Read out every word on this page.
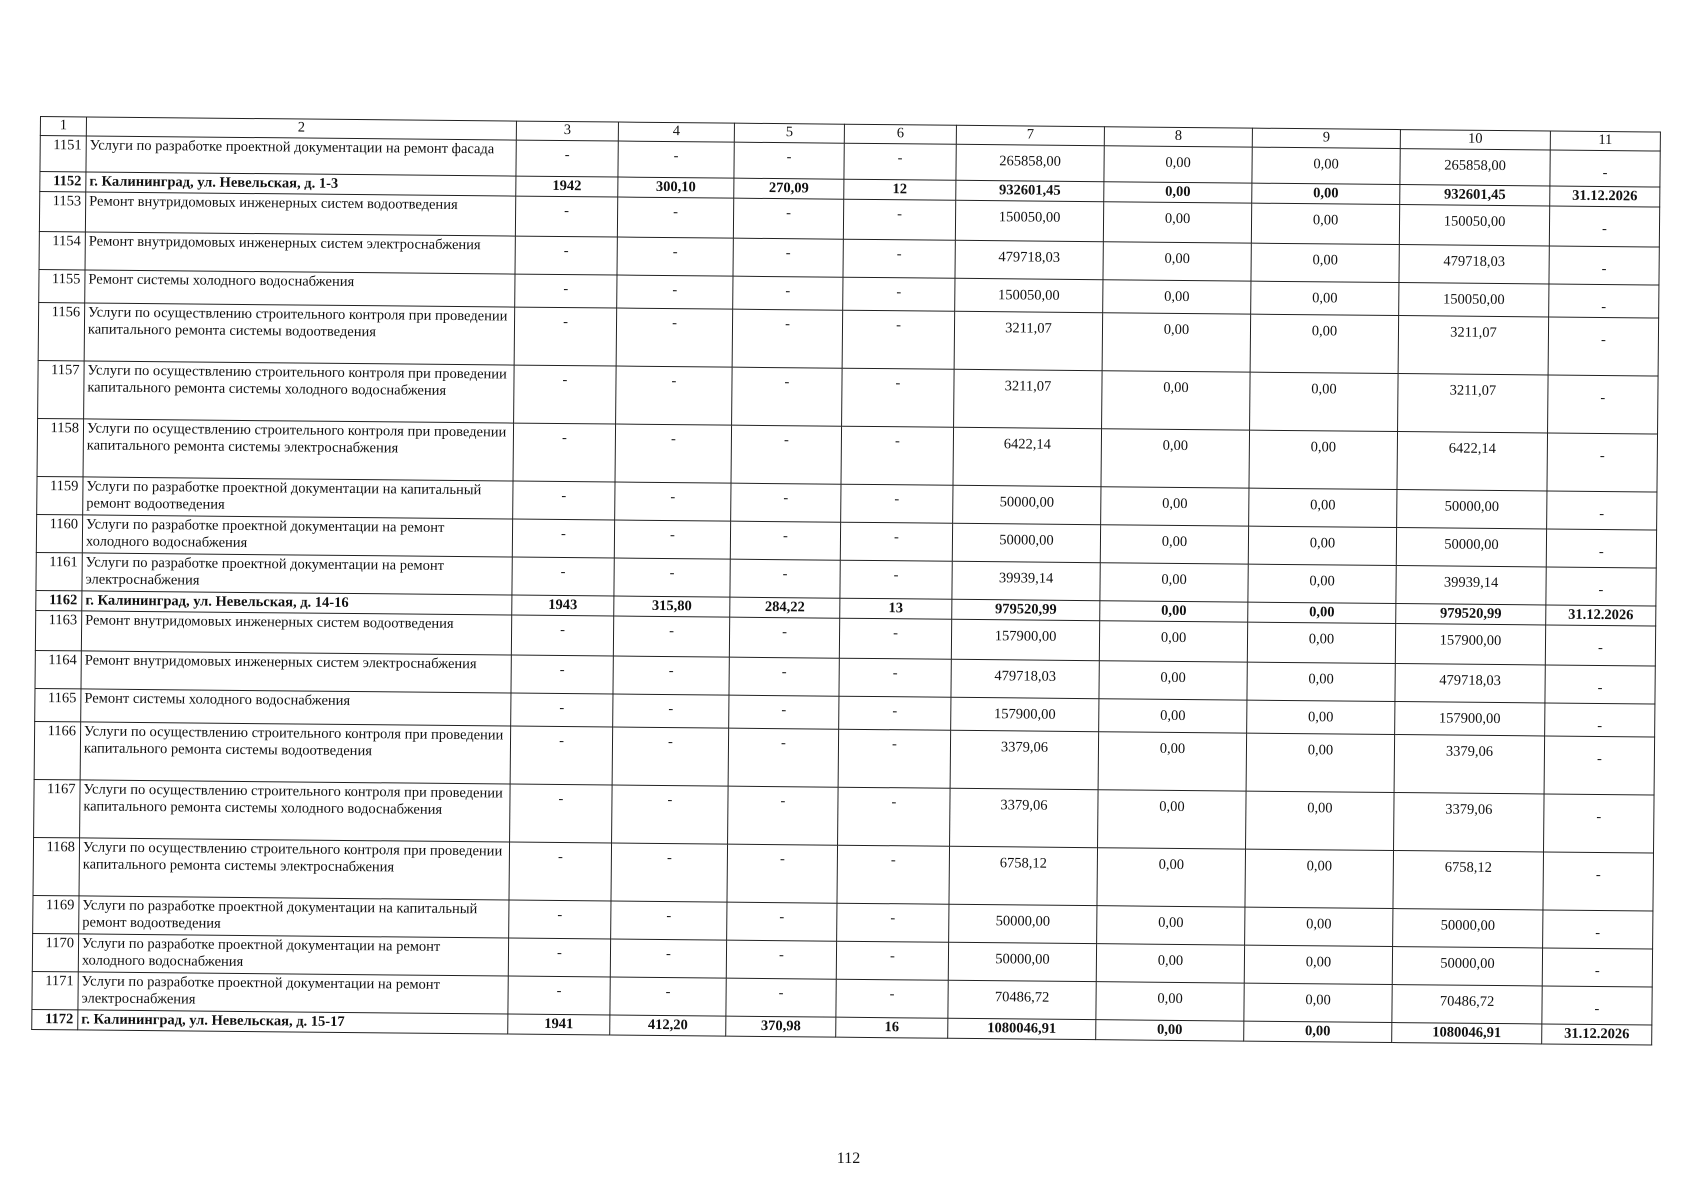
1	2	3	4	5	6	7	8	9	10	11
1151	Услуги по разработке проектной документации на ремонт фасада	-	-	-	-	265858,00	0,00	0,00	265858,00	-
1152	г. Калининград, ул. Невельская, д. 1-3	1942	300,10	270,09	12	932601,45	0,00	0,00	932601,45	31.12.2026
1153	Ремонт внутридомовых инженерных систем водоотведения	-	-	-	-	150050,00	0,00	0,00	150050,00	-
1154	Ремонт внутридомовых инженерных систем электроснабжения	-	-	-	-	479718,03	0,00	0,00	479718,03	-
1155	Ремонт системы холодного водоснабжения	-	-	-	-	150050,00	0,00	0,00	150050,00	-
1156	Услуги по осуществлению строительного контроля при проведении капитального ремонта системы водоотведения	-	-	-	-	3211,07	0,00	0,00	3211,07	-
1157	Услуги по осуществлению строительного контроля при проведении капитального ремонта системы холодного водоснабжения	-	-	-	-	3211,07	0,00	0,00	3211,07	-
1158	Услуги по осуществлению строительного контроля при проведении капитального ремонта системы электроснабжения	-	-	-	-	6422,14	0,00	0,00	6422,14	-
1159	Услуги по разработке проектной документации на капитальный ремонт водоотведения	-	-	-	-	50000,00	0,00	0,00	50000,00	-
1160	Услуги по разработке проектной документации на ремонт холодного водоснабжения	-	-	-	-	50000,00	0,00	0,00	50000,00	-
1161	Услуги по разработке проектной документации на ремонт электроснабжения	-	-	-	-	39939,14	0,00	0,00	39939,14	-
1162	г. Калининград, ул. Невельская, д. 14-16	1943	315,80	284,22	13	979520,99	0,00	0,00	979520,99	31.12.2026
1163	Ремонт внутридомовых инженерных систем водоотведения	-	-	-	-	157900,00	0,00	0,00	157900,00	-
1164	Ремонт внутридомовых инженерных систем электроснабжения	-	-	-	-	479718,03	0,00	0,00	479718,03	-
1165	Ремонт системы холодного водоснабжения	-	-	-	-	157900,00	0,00	0,00	157900,00	-
1166	Услуги по осуществлению строительного контроля при проведении капитального ремонта системы водоотведения	-	-	-	-	3379,06	0,00	0,00	3379,06	-
1167	Услуги по осуществлению строительного контроля при проведении капитального ремонта системы холодного водоснабжения	-	-	-	-	3379,06	0,00	0,00	3379,06	-
1168	Услуги по осуществлению строительного контроля при проведении капитального ремонта системы электроснабжения	-	-	-	-	6758,12	0,00	0,00	6758,12	-
1169	Услуги по разработке проектной документации на капитальный ремонт водоотведения	-	-	-	-	50000,00	0,00	0,00	50000,00	-
1170	Услуги по разработке проектной документации на ремонт холодного водоснабжения	-	-	-	-	50000,00	0,00	0,00	50000,00	-
1171	Услуги по разработке проектной документации на ремонт электроснабжения	-	-	-	-	70486,72	0,00	0,00	70486,72	-
1172	г. Калининград, ул. Невельская, д. 15-17	1941	412,20	370,98	16	1080046,91	0,00	0,00	1080046,91	31.12.2026
112
